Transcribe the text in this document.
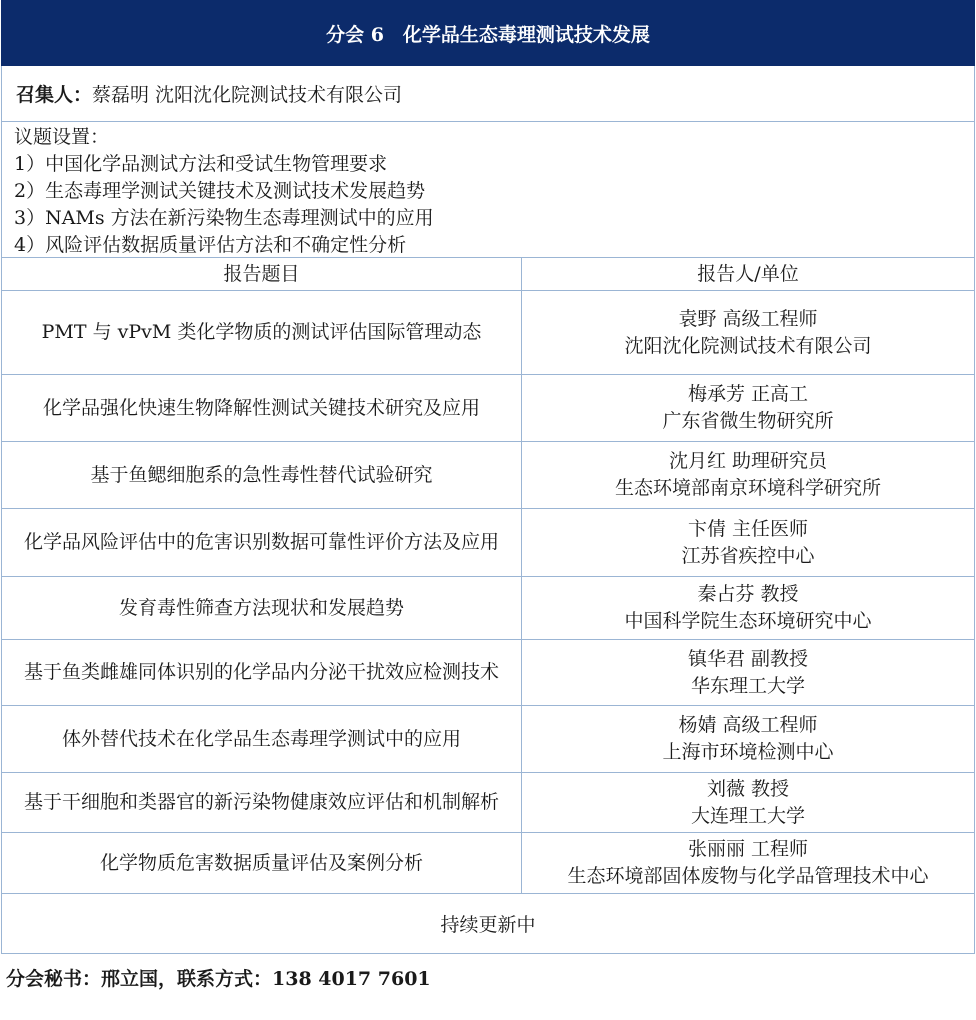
分会 6　化学品生态毒理测试技术发展
召集人： 蔡磊明 沈阳沈化院测试技术有限公司
议题设置：
1）中国化学品测试方法和受试生物管理要求
2）生态毒理学测试关键技术及测试技术发展趋势
3）NAMs 方法在新污染物生态毒理测试中的应用
4）风险评估数据质量评估方法和不确定性分析
报告题目	报告人/单位
PMT 与 vPvM 类化学物质的测试评估国际管理动态
袁野 高级工程师
沈阳沈化院测试技术有限公司
化学品强化快速生物降解性测试关键技术研究及应用
梅承芳 正高工
广东省微生物研究所
基于鱼鳃细胞系的急性毒性替代试验研究
沈月红 助理研究员
生态环境部南京环境科学研究所
化学品风险评估中的危害识别数据可靠性评价方法及应用
卞倩 主任医师
江苏省疾控中心
发育毒性筛查方法现状和发展趋势
秦占芬 教授
中国科学院生态环境研究中心
基于鱼类雌雄同体识别的化学品内分泌干扰效应检测技术
镇华君 副教授
华东理工大学
体外替代技术在化学品生态毒理学测试中的应用
杨婧 高级工程师
上海市环境检测中心
基于干细胞和类器官的新污染物健康效应评估和机制解析
刘薇 教授
大连理工大学
化学物质危害数据质量评估及案例分析
张丽丽 工程师
生态环境部固体废物与化学品管理技术中心
持续更新中
分会秘书：邢立国，联系方式：138 4017 7601
